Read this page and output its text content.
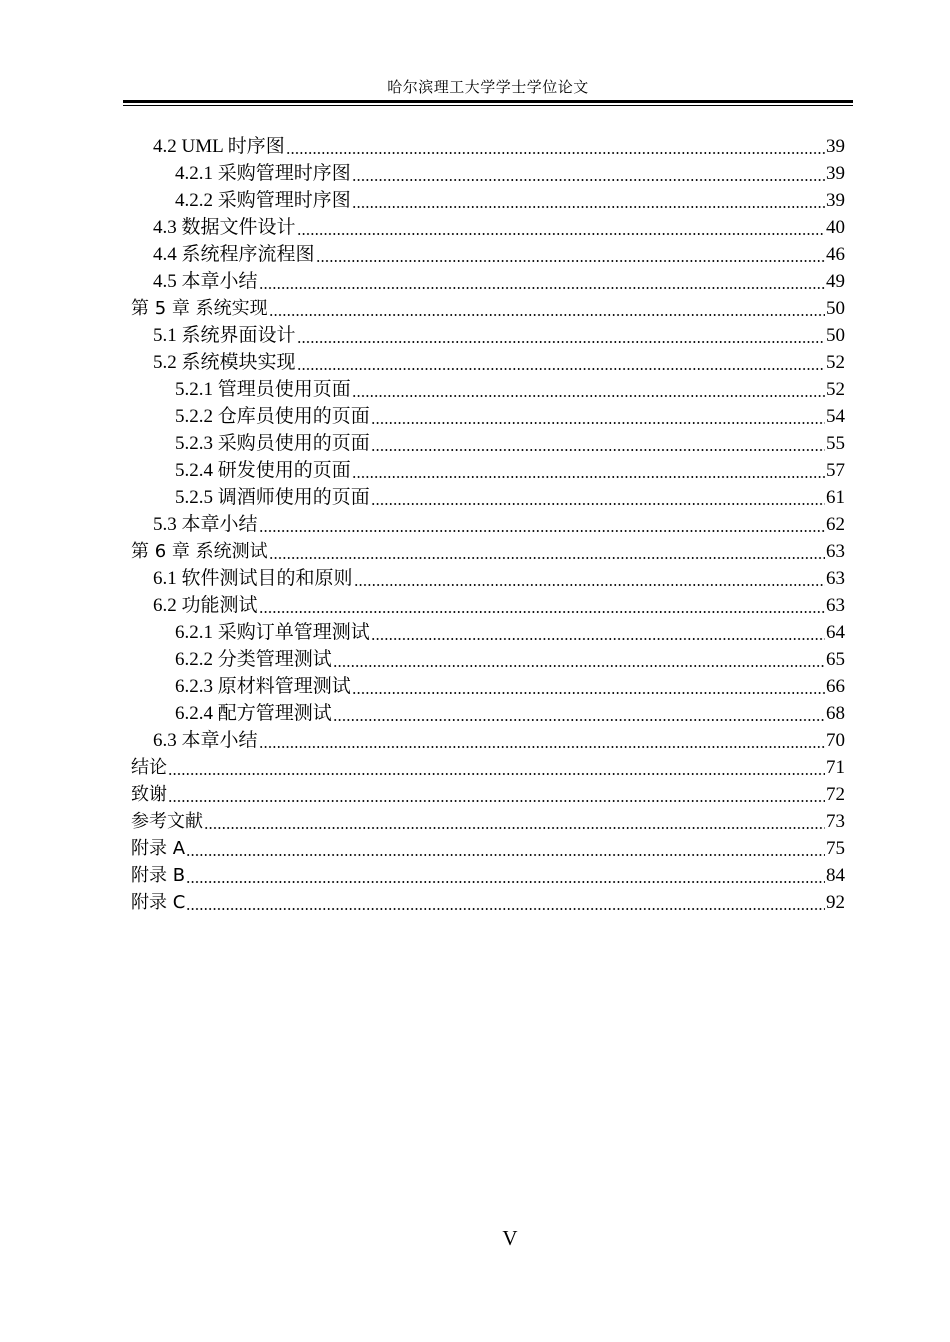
哈尔滨理工大学学士学位论文
4.2 UML 时序图	39
4.2.1 采购管理时序图	39
4.2.2 采购管理时序图	39
4.3 数据文件设计	40
4.4 系统程序流程图	46
4.5 本章小结	49
第 5 章 系统实现	50
5.1 系统界面设计	50
5.2 系统模块实现	52
5.2.1 管理员使用页面	52
5.2.2 仓库员使用的页面	54
5.2.3 采购员使用的页面	55
5.2.4 研发使用的页面	57
5.2.5 调酒师使用的页面	61
5.3 本章小结	62
第 6 章 系统测试	63
6.1 软件测试目的和原则	63
6.2 功能测试	63
6.2.1 采购订单管理测试	64
6.2.2 分类管理测试	65
6.2.3 原材料管理测试	66
6.2.4 配方管理测试	68
6.3 本章小结	70
结论	71
致谢	72
参考文献	73
附录 A	75
附录 B	84
附录 C	92
V
